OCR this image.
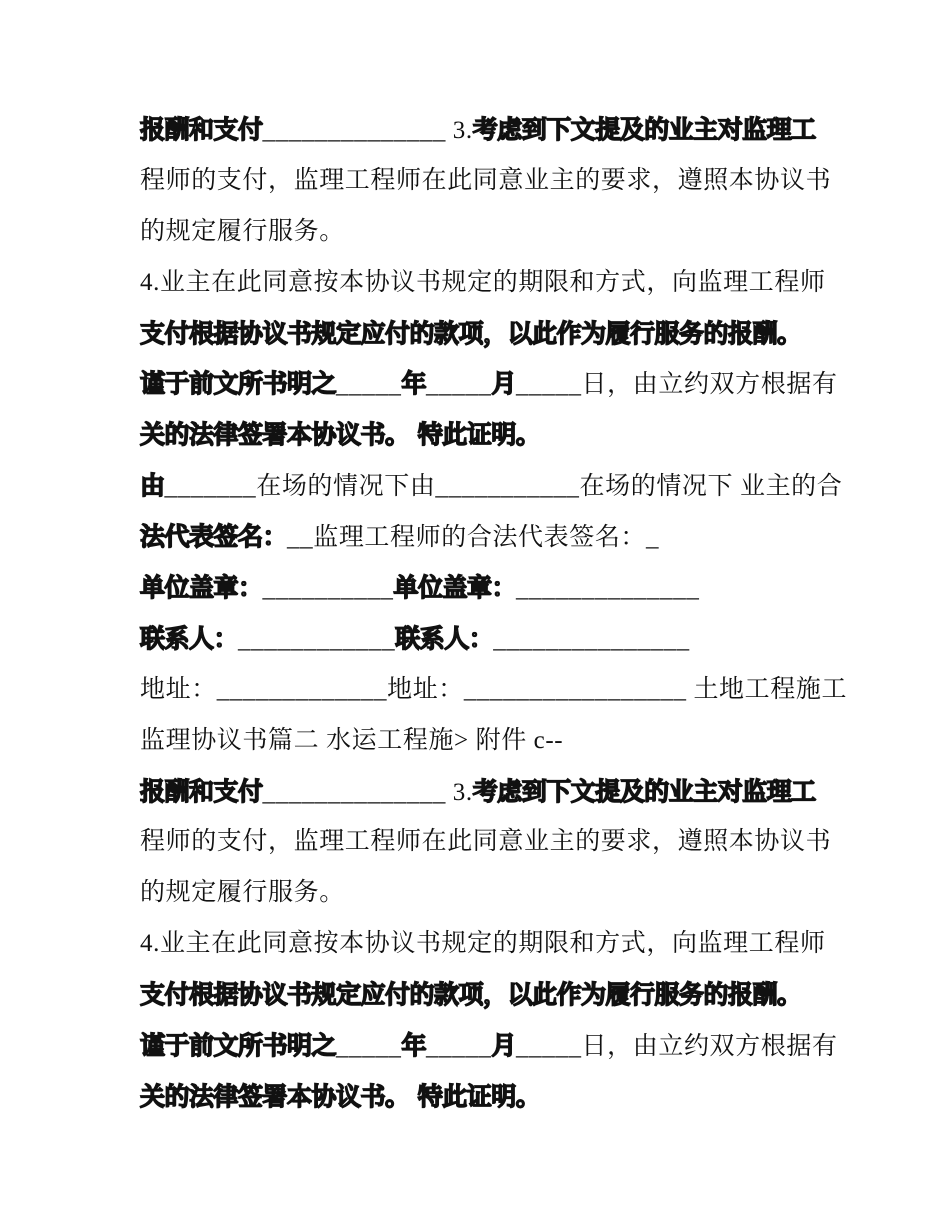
报酬和支付______________ 3.考虑到下文提及的业主对监理工
程师的支付，监理工程师在此同意业主的要求，遵照本协议书
的规定履行服务。
4.业主在此同意按本协议书规定的期限和方式，向监理工程师
支付根据协议书规定应付的款项，以此作为履行服务的报酬。
谨于前文所书明之_____年_____月_____日，由立约双方根据有
关的法律签署本协议书。 特此证明。
由_______在场的情况下由___________在场的情况下 业主的合
法代表签名：__监理工程师的合法代表签名：_
单位盖章：__________单位盖章：______________
联系人：____________联系人：_______________
地址：_____________地址：_________________ 土地工程施工
监理协议书篇二 水运工程施> 附件 c--
报酬和支付______________ 3.考虑到下文提及的业主对监理工
程师的支付，监理工程师在此同意业主的要求，遵照本协议书
的规定履行服务。
4.业主在此同意按本协议书规定的期限和方式，向监理工程师
支付根据协议书规定应付的款项，以此作为履行服务的报酬。
谨于前文所书明之_____年_____月_____日，由立约双方根据有
关的法律签署本协议书。 特此证明。
